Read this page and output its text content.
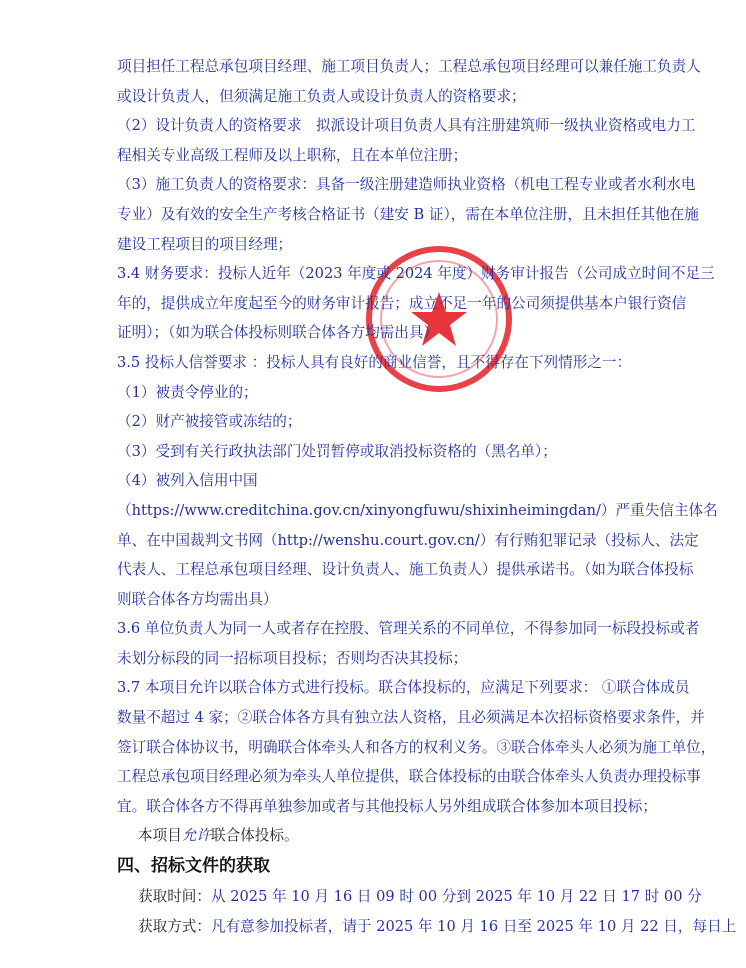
项目担任工程总承包项目经理、施工项目负责人；工程总承包项目经理可以兼任施工负责人
或设计负责人，但须满足施工负责人或设计负责人的资格要求；
（2）设计负责人的资格要求　拟派设计项目负责人具有注册建筑师一级执业资格或电力工
程相关专业高级工程师及以上职称，且在本单位注册；
（3）施工负责人的资格要求：具备一级注册建造师执业资格（机电工程专业或者水利水电
专业）及有效的安全生产考核合格证书（建安 B 证），需在本单位注册，且未担任其他在施
建设工程项目的项目经理；
3.4 财务要求：投标人近年（2023 年度或 2024 年度）财务审计报告（公司成立时间不足三
年的，提供成立年度起至今的财务审计报告；成立不足一年的公司须提供基本户银行资信
证明）；（如为联合体投标则联合体各方均需出具）
3.5 投标人信誉要求 ：投标人具有良好的商业信誉，且不得存在下列情形之一：
（1）被责令停业的；
（2）财产被接管或冻结的；
（3）受到有关行政执法部门处罚暂停或取消投标资格的（黑名单）；
（4）被列入信用中国
（https://www.creditchina.gov.cn/xinyongfuwu/shixinheimingdan/）严重失信主体名
单、在中国裁判文书网（http://wenshu.court.gov.cn/）有行贿犯罪记录（投标人、法定
代表人、工程总承包项目经理、设计负责人、施工负责人）提供承诺书。（如为联合体投标
则联合体各方均需出具）
3.6 单位负责人为同一人或者存在控股、管理关系的不同单位，不得参加同一标段投标或者
未划分标段的同一招标项目投标；否则均否决其投标；
3.7 本项目允许以联合体方式进行投标。联合体投标的，应满足下列要求： ①联合体成员
数量不超过 4 家；②联合体各方具有独立法人资格，且必须满足本次招标资格要求条件，并
签订联合体协议书，明确联合体牵头人和各方的权利义务。③联合体牵头人必须为施工单位，
工程总承包项目经理必须为牵头人单位提供，联合体投标的由联合体牵头人负责办理投标事
宜。联合体各方不得再单独参加或者与其他投标人另外组成联合体参加本项目投标；
本项目允许联合体投标。
四、招标文件的获取
获取时间：从 2025 年 10 月 16 日 09 时 00 分到 2025 年 10 月 22 日 17 时 00 分
获取方式：凡有意参加投标者，请于 2025 年 10 月 16 日至 2025 年 10 月 22 日，每日上
